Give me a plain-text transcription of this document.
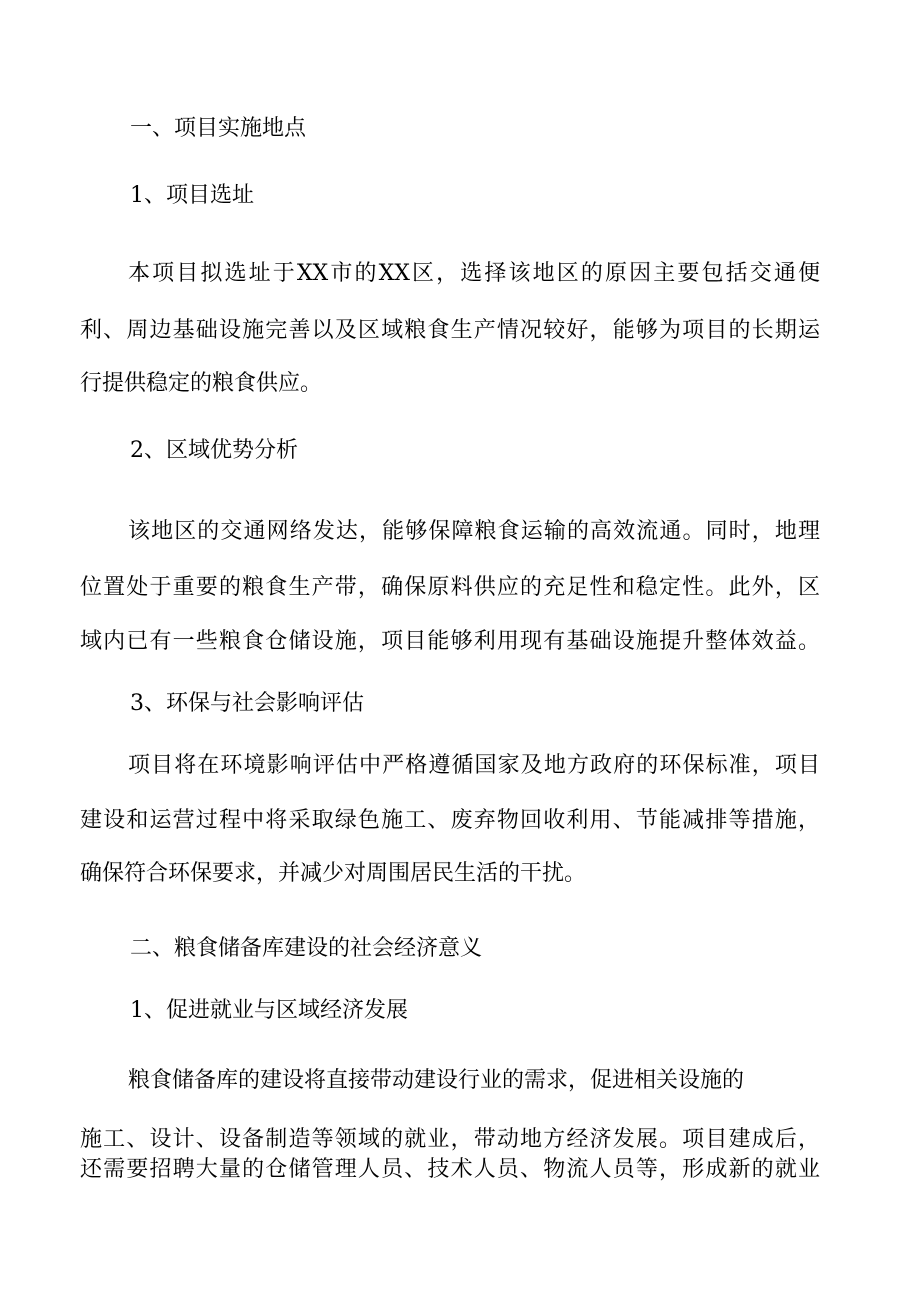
一、项目实施地点
1、项目选址

本项目拟选址于XX市的XX区，选择该地区的原因主要包括交通便

利、周边基础设施完善以及区域粮食生产情况较好，能够为项目的长期运

行提供稳定的粮食供应。

2、区域优势分析

该地区的交通网络发达，能够保障粮食运输的高效流通。同时，地理

位置处于重要的粮食生产带，确保原料供应的充足性和稳定性。此外，区

域内已有一些粮食仓储设施，项目能够利用现有基础设施提升整体效益。

3、环保与社会影响评估

项目将在环境影响评估中严格遵循国家及地方政府的环保标准，项目

建设和运营过程中将采取绿色施工、废弃物回收利用、节能减排等措施，

确保符合环保要求，并减少对周围居民生活的干扰。

二、粮食储备库建设的社会经济意义
1、促进就业与区域经济发展

粮食储备库的建设将直接带动建设行业的需求，促进相关设施的

施工、设计、设备制造等领域的就业，带动地方经济发展。项目建成后，

还需要招聘大量的仓储管理人员、技术人员、物流人员等，形成新的就业
